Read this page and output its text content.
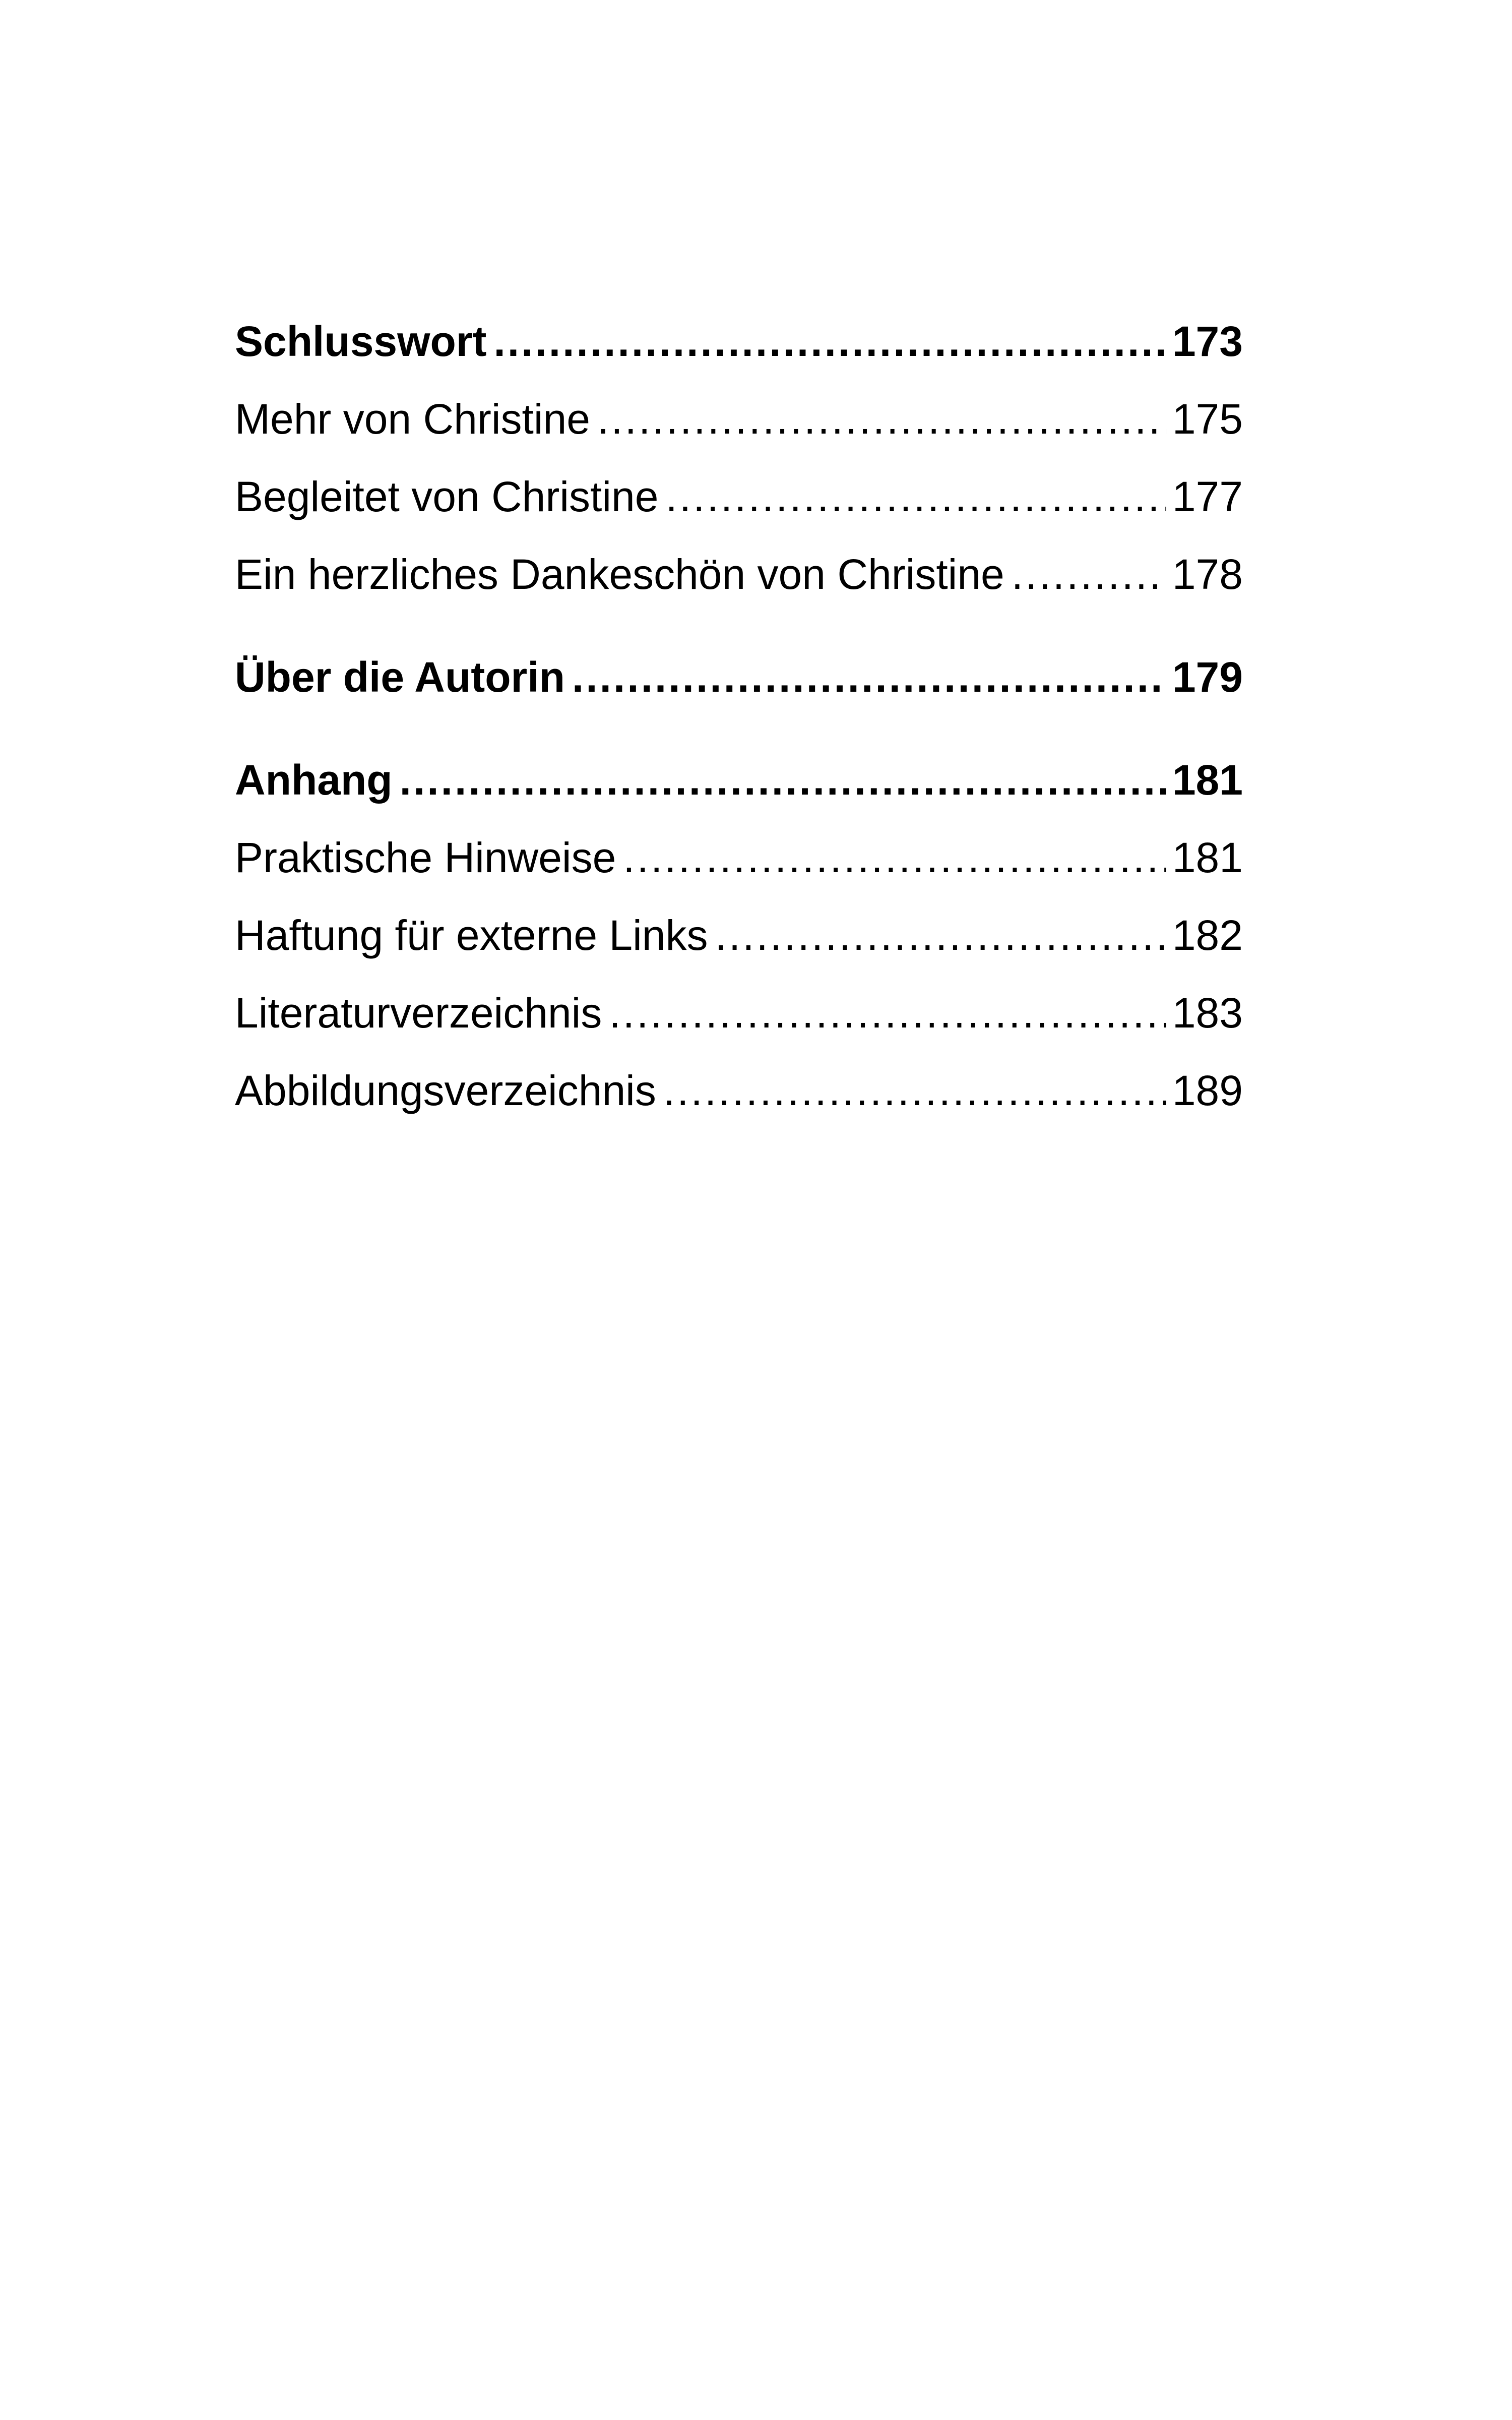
Schlusswort .....	173
Mehr von Christine .....	175
Begleitet von Christine .....	177
Ein herzliches Dankeschön von Christine .....	178
Über die Autorin .....	179
Anhang .....	181
Praktische Hinweise .....	181
Haftung für externe Links .....	182
Literaturverzeichnis .....	183
Abbildungsverzeichnis .....	189
